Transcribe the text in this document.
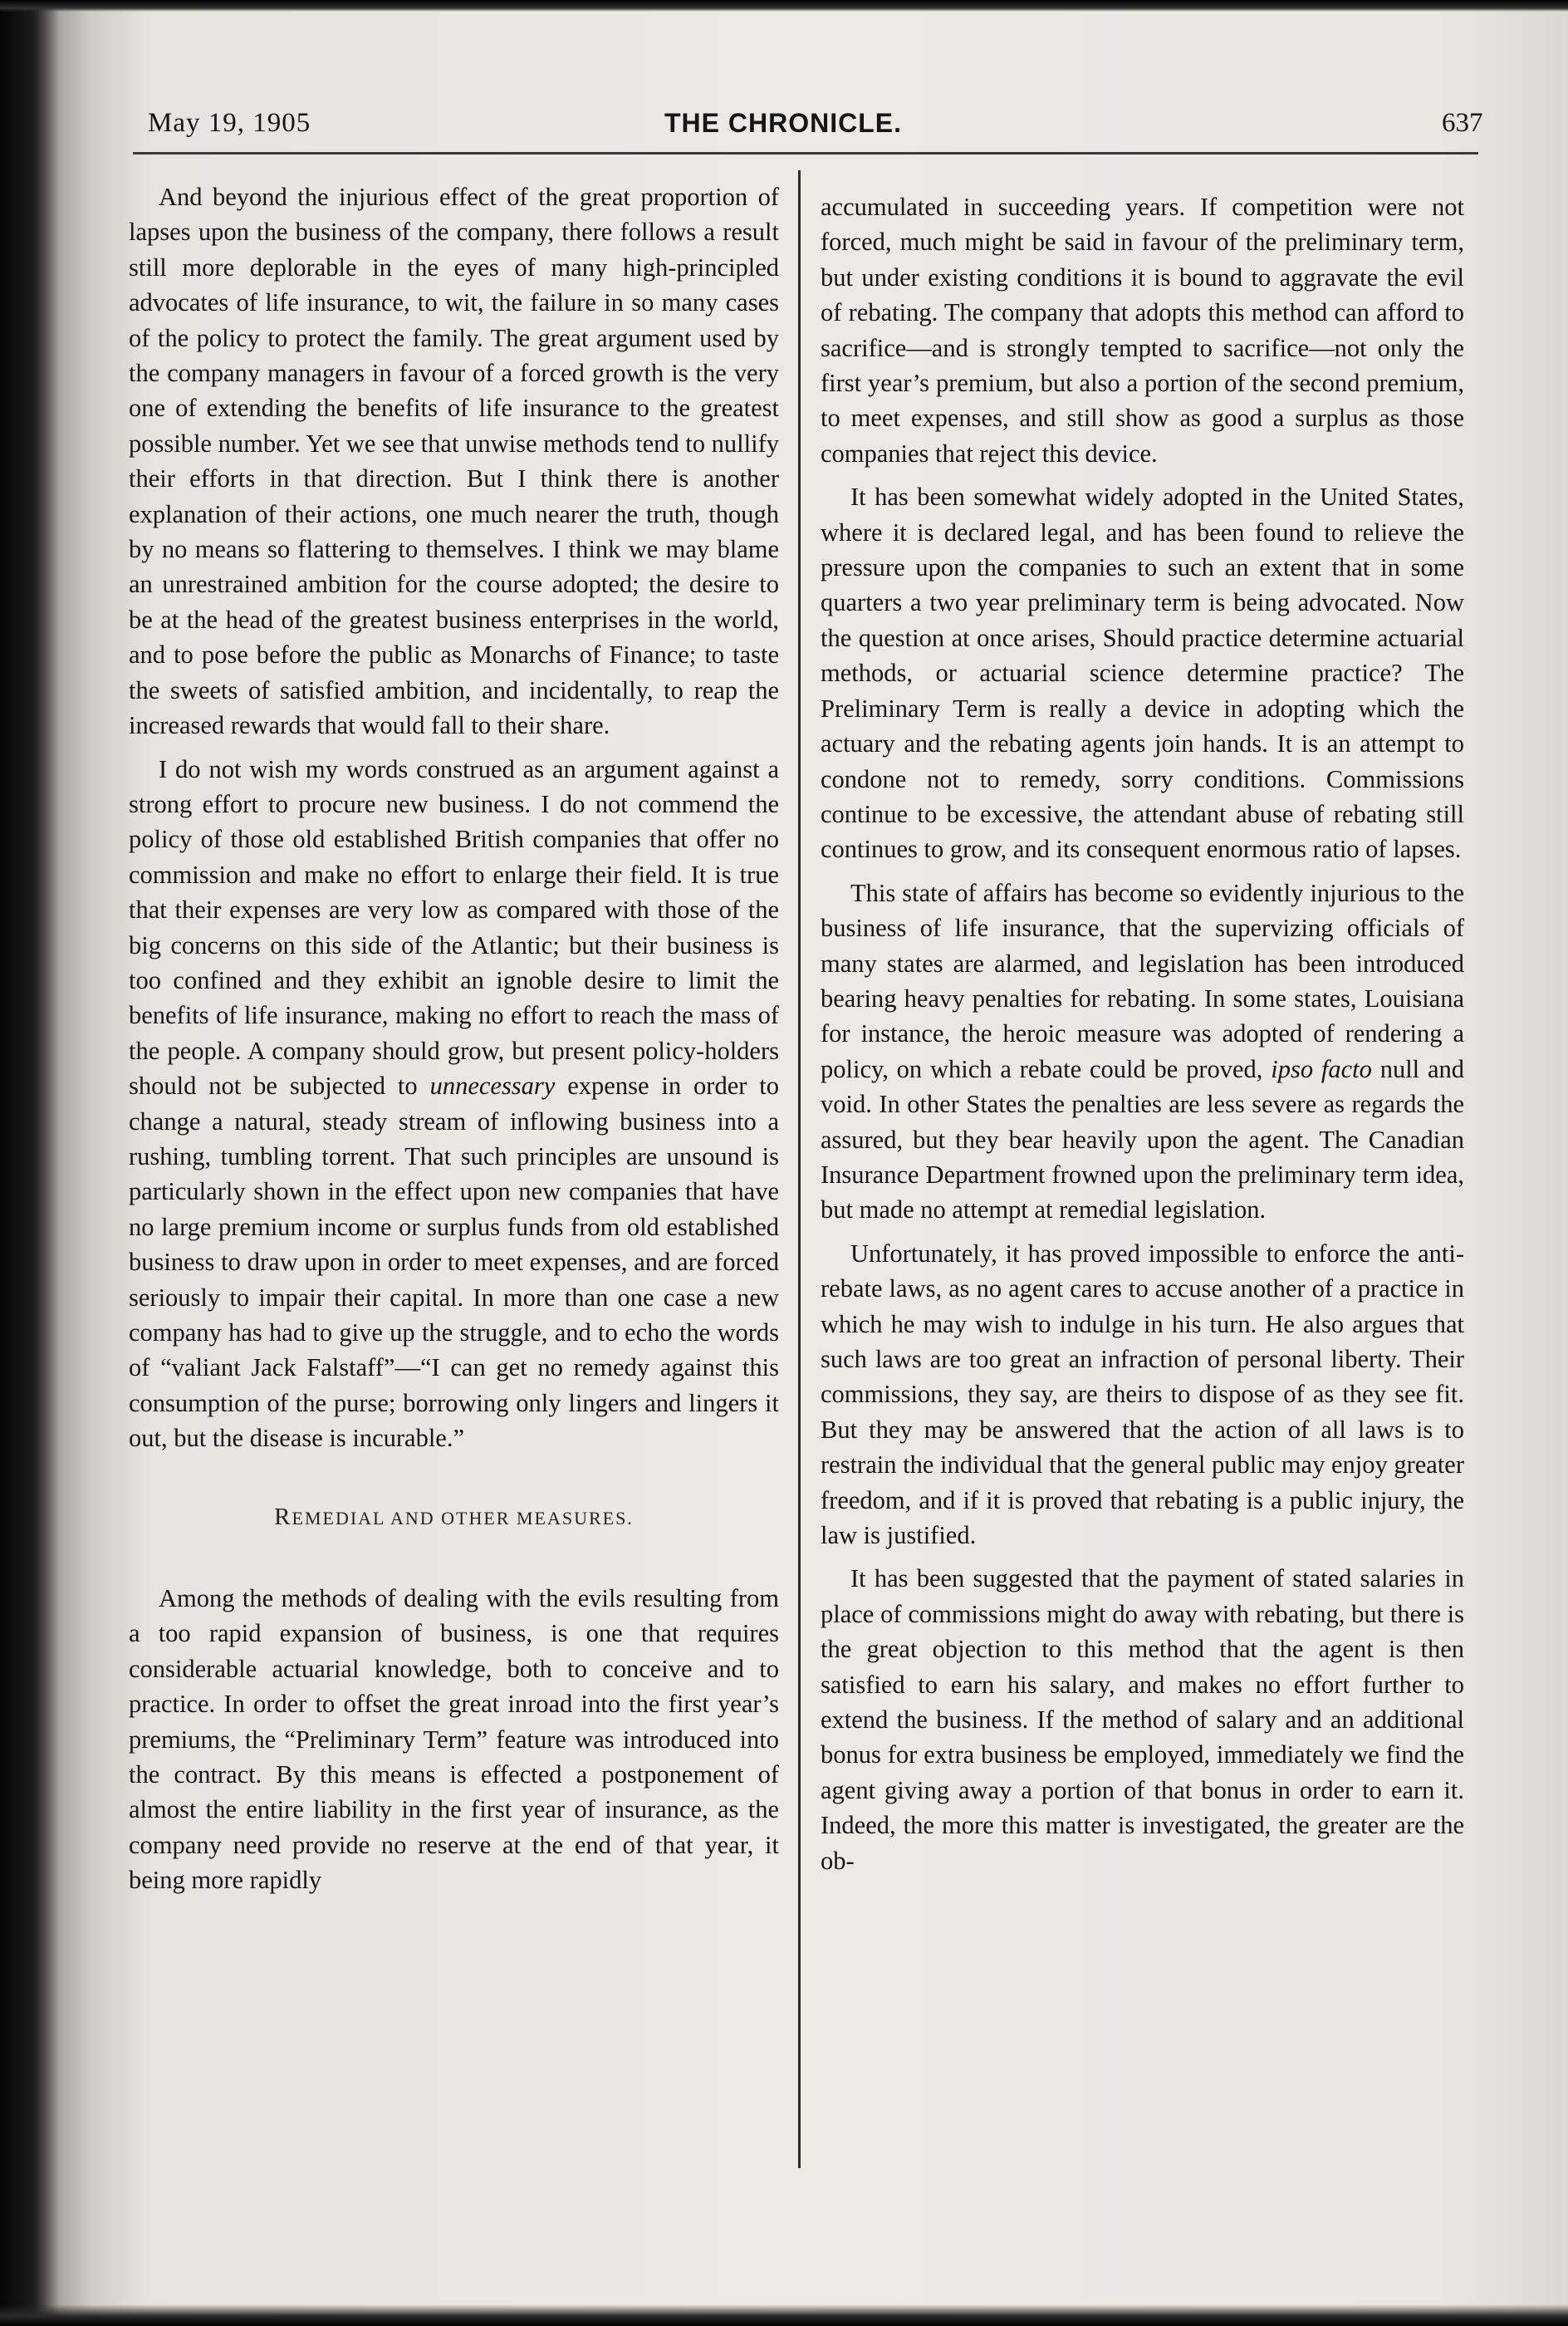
May 19, 1905	THE CHRONICLE.	637

And beyond the injurious effect of the great proportion of lapses upon the business of the company, there follows a result still more deplorable in the eyes of many high-principled advocates of life insurance, to wit, the failure in so many cases of the policy to protect the family. The great argument used by the company managers in favour of a forced growth is the very one of extending the benefits of life insurance to the greatest possible number. Yet we see that unwise methods tend to nullify their efforts in that direction. But I think there is another explanation of their actions, one much nearer the truth, though by no means so flattering to themselves. I think we may blame an unrestrained ambition for the course adopted; the desire to be at the head of the greatest business enterprises in the world, and to pose before the public as Monarchs of Finance; to taste the sweets of satisfied ambition, and incidentally, to reap the increased rewards that would fall to their share.

I do not wish my words construed as an argument against a strong effort to procure new business. I do not commend the policy of those old established British companies that offer no commission and make no effort to enlarge their field. It is true that their expenses are very low as compared with those of the big concerns on this side of the Atlantic; but their business is too confined and they exhibit an ignoble desire to limit the benefits of life insurance, making no effort to reach the mass of the people. A company should grow, but present policy-holders should not be subjected to unnecessary expense in order to change a natural, steady stream of inflowing business into a rushing, tumbling torrent. That such principles are unsound is particularly shown in the effect upon new companies that have no large premium income or surplus funds from old established business to draw upon in order to meet expenses, and are forced seriously to impair their capital. In more than one case a new company has had to give up the struggle, and to echo the words of “valiant Jack Falstaff”—“I can get no remedy against this consumption of the purse; borrowing only lingers and lingers it out, but the disease is incurable.”

REMEDIAL AND OTHER MEASURES.

Among the methods of dealing with the evils resulting from a too rapid expansion of business, is one that requires considerable actuarial knowledge, both to conceive and to practice. In order to offset the great inroad into the first year’s premiums, the “Preliminary Term” feature was introduced into the contract. By this means is effected a postponement of almost the entire liability in the first year of insurance, as the company need provide no reserve at the end of that year, it being more rapidly

accumulated in succeeding years. If competition were not forced, much might be said in favour of the preliminary term, but under existing conditions it is bound to aggravate the evil of rebating. The company that adopts this method can afford to sacrifice—and is strongly tempted to sacrifice—not only the first year’s premium, but also a portion of the second premium, to meet expenses, and still show as good a surplus as those companies that reject this device.

It has been somewhat widely adopted in the United States, where it is declared legal, and has been found to relieve the pressure upon the companies to such an extent that in some quarters a two year preliminary term is being advocated. Now the question at once arises, Should practice determine actuarial methods, or actuarial science determine practice? The Preliminary Term is really a device in adopting which the actuary and the rebating agents join hands. It is an attempt to condone not to remedy, sorry conditions. Commissions continue to be excessive, the attendant abuse of rebating still continues to grow, and its consequent enormous ratio of lapses.

This state of affairs has become so evidently injurious to the business of life insurance, that the supervizing officials of many states are alarmed, and legislation has been introduced bearing heavy penalties for rebating. In some states, Louisiana for instance, the heroic measure was adopted of rendering a policy, on which a rebate could be proved, ipso facto null and void. In other States the penalties are less severe as regards the assured, but they bear heavily upon the agent. The Canadian Insurance Department frowned upon the preliminary term idea, but made no attempt at remedial legislation.

Unfortunately, it has proved impossible to enforce the anti-rebate laws, as no agent cares to accuse another of a practice in which he may wish to indulge in his turn. He also argues that such laws are too great an infraction of personal liberty. Their commissions, they say, are theirs to dispose of as they see fit. But they may be answered that the action of all laws is to restrain the individual that the general public may enjoy greater freedom, and if it is proved that rebating is a public injury, the law is justified.

It has been suggested that the payment of stated salaries in place of commissions might do away with rebating, but there is the great objection to this method that the agent is then satisfied to earn his salary, and makes no effort further to extend the business. If the method of salary and an additional bonus for extra business be employed, immediately we find the agent giving away a portion of that bonus in order to earn it. Indeed, the more this matter is investigated, the greater are the ob-
